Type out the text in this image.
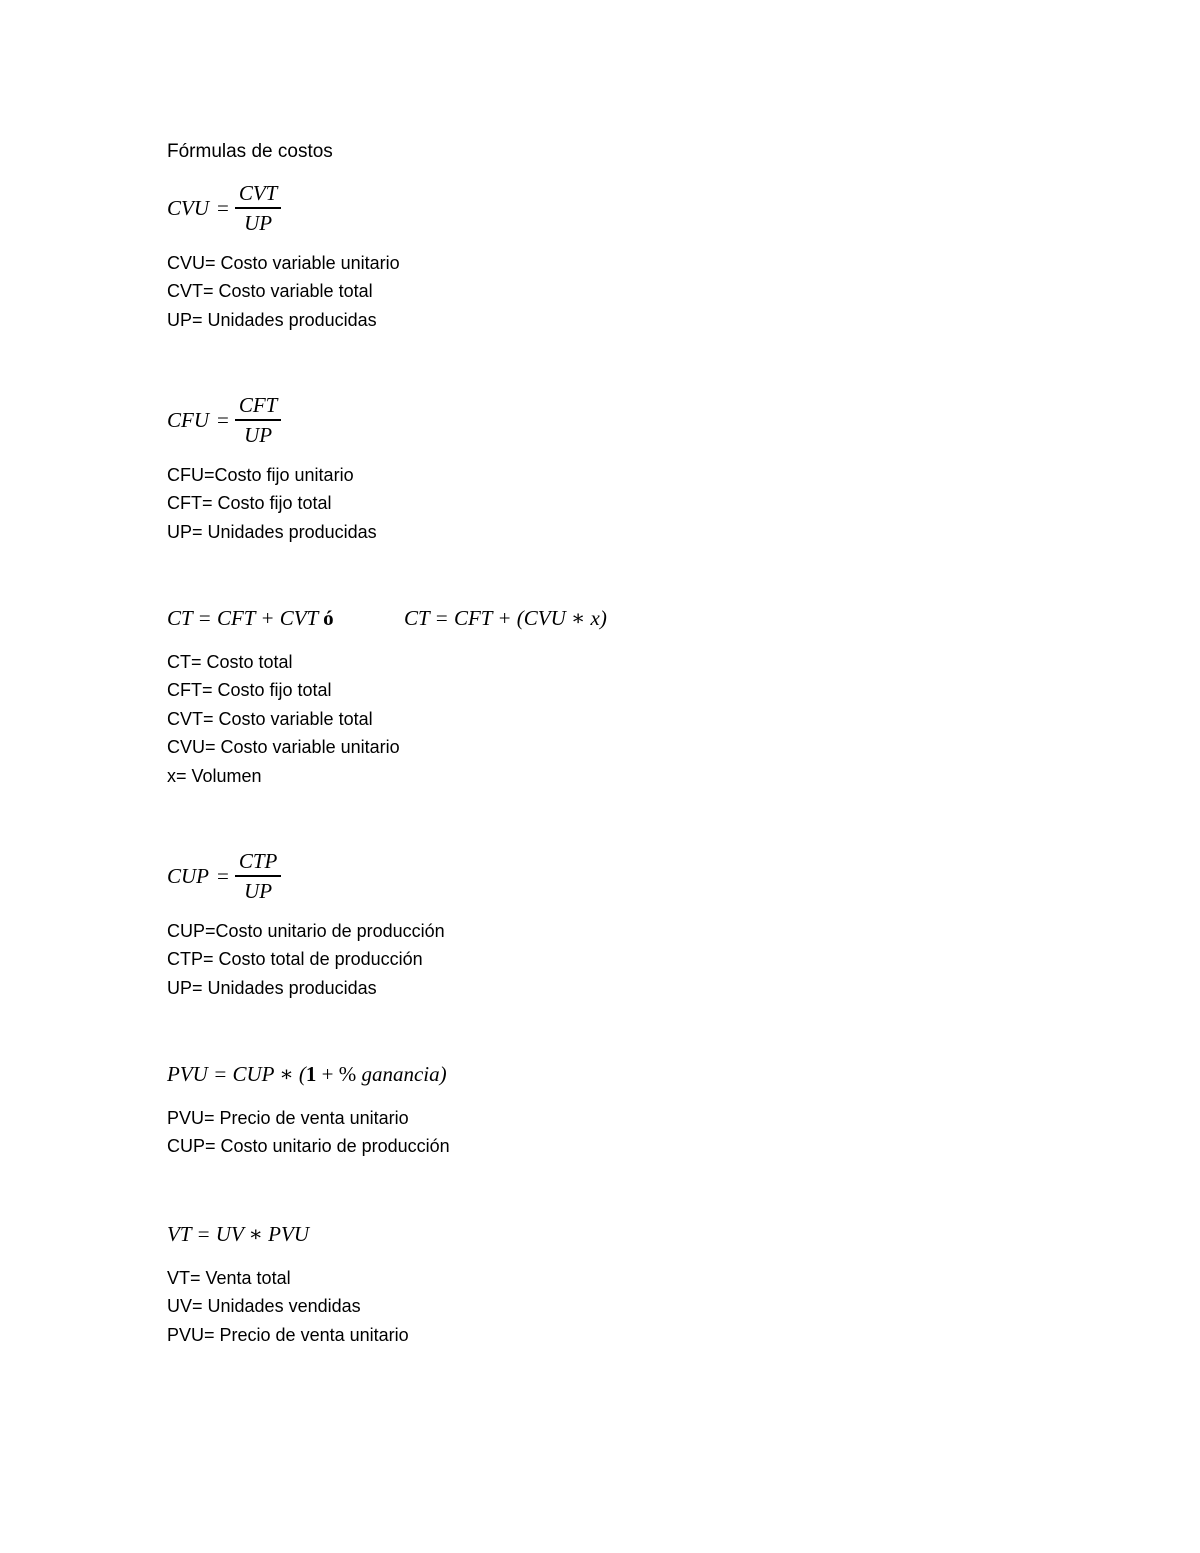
Fórmulas de costos
CVU = $\frac{\text{CVT}}{UP}$
CVU= Costo variable unitario
CVT= Costo variable total
UP= Unidades producidas
CFU = $\frac{\text{CFT}}{UP}$
CFU=Costo fijo unitario
CFT= Costo fijo total
UP= Unidades producidas
CT = CFT + CVT ó	CT = CFT + (CVU ∗ x)
CT= Costo total
CFT= Costo fijo total
CVT= Costo variable total
CVU= Costo variable unitario
x= Volumen
CUP = $\frac{\text{CTP}}{UP}$
CUP=Costo unitario de producción
CTP= Costo total de producción
UP= Unidades producidas
PVU = CUP ∗ (1 + % ganancia)
PVU= Precio de venta unitario
CUP= Costo unitario de producción
VT = UV ∗ PVU
VT= Venta total
UV= Unidades vendidas
PVU= Precio de venta unitario
